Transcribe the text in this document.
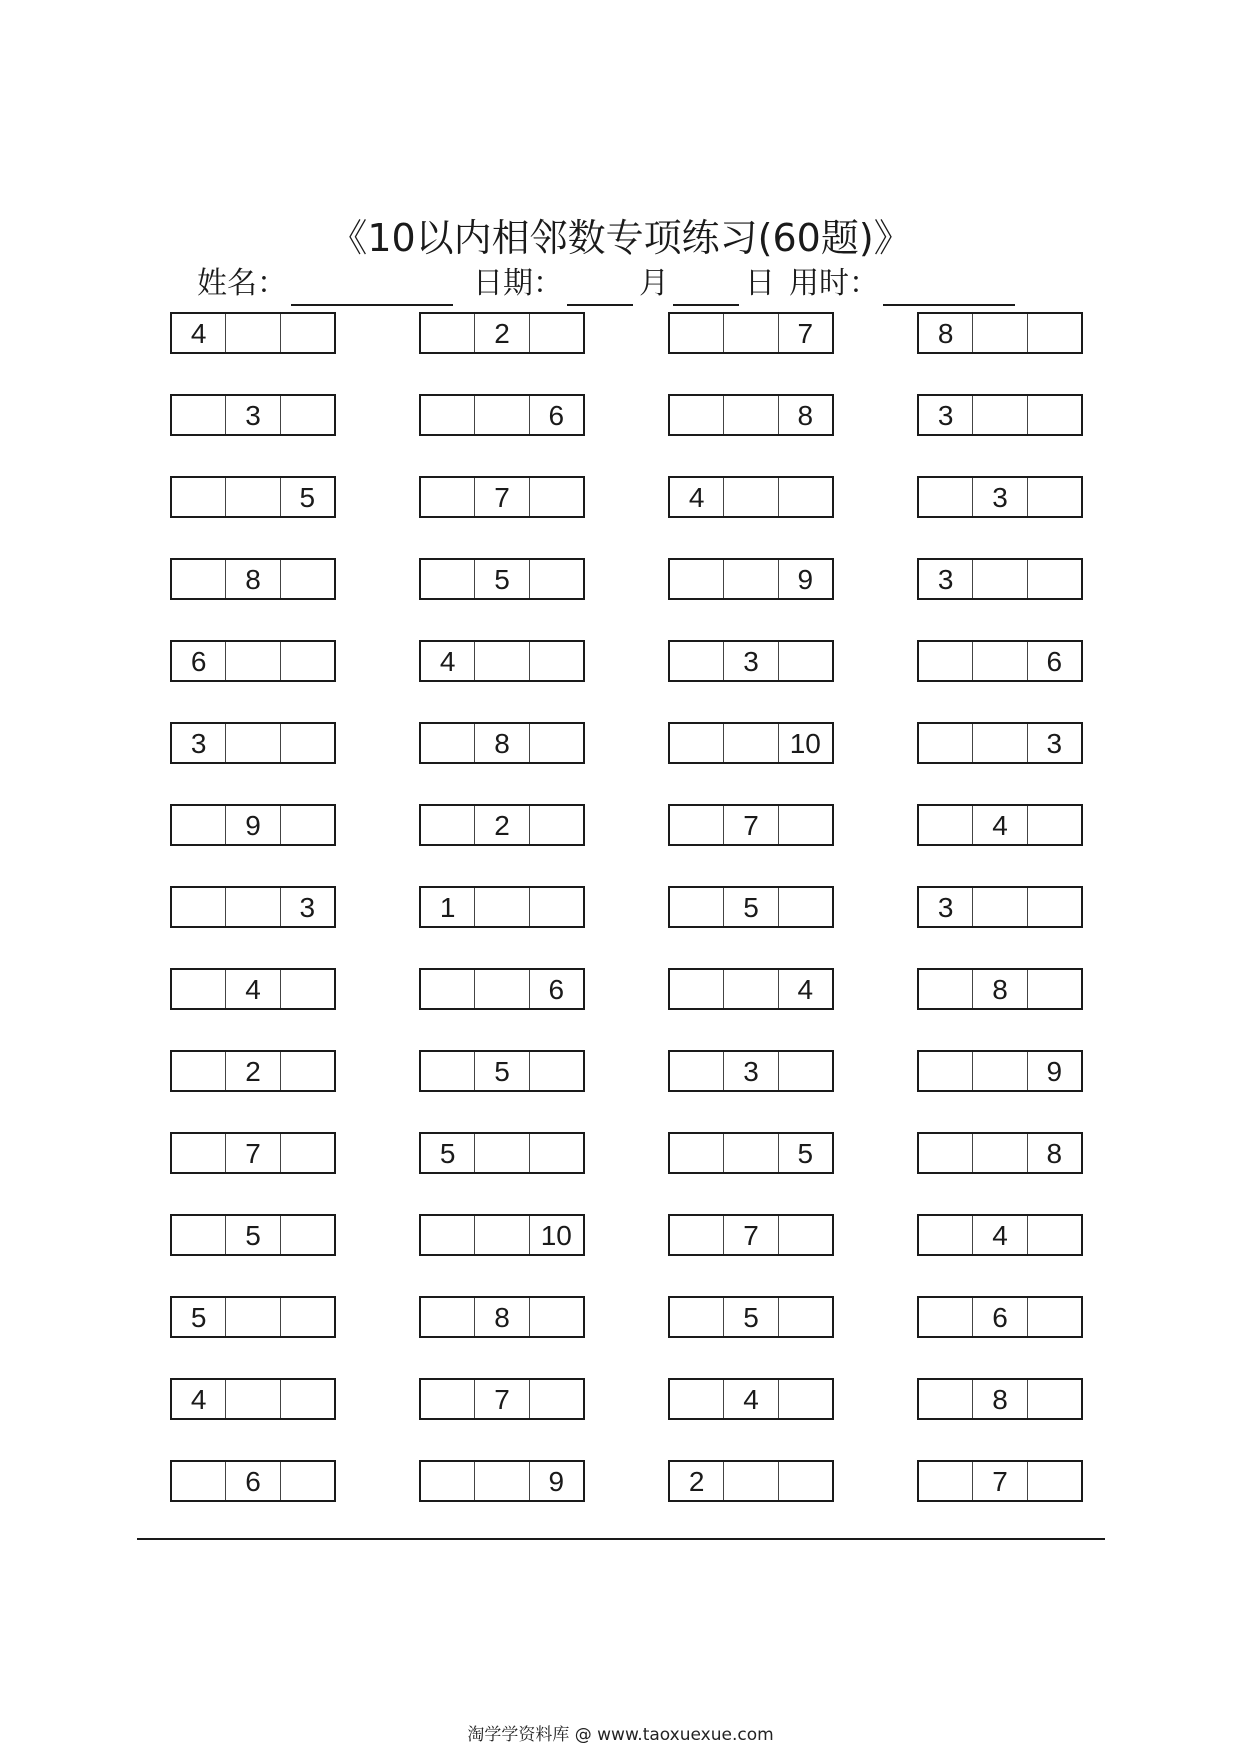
《10以内相邻数专项练习(60题)》
姓名：	日期：	月	日 用时：
4	2	7	8
3	6	8	3
5	7	4	3
8	5	9	3
6	4	3	6
3	8	10	3
9	2	7	4
3	1	5	3
4	6	4	8
2	5	3	9
7	5	5	8
5	10	7	4
5	8	5	6
4	7	4	8
6	9	2	7
淘学学资料库 @ www.taoxuexue.com
